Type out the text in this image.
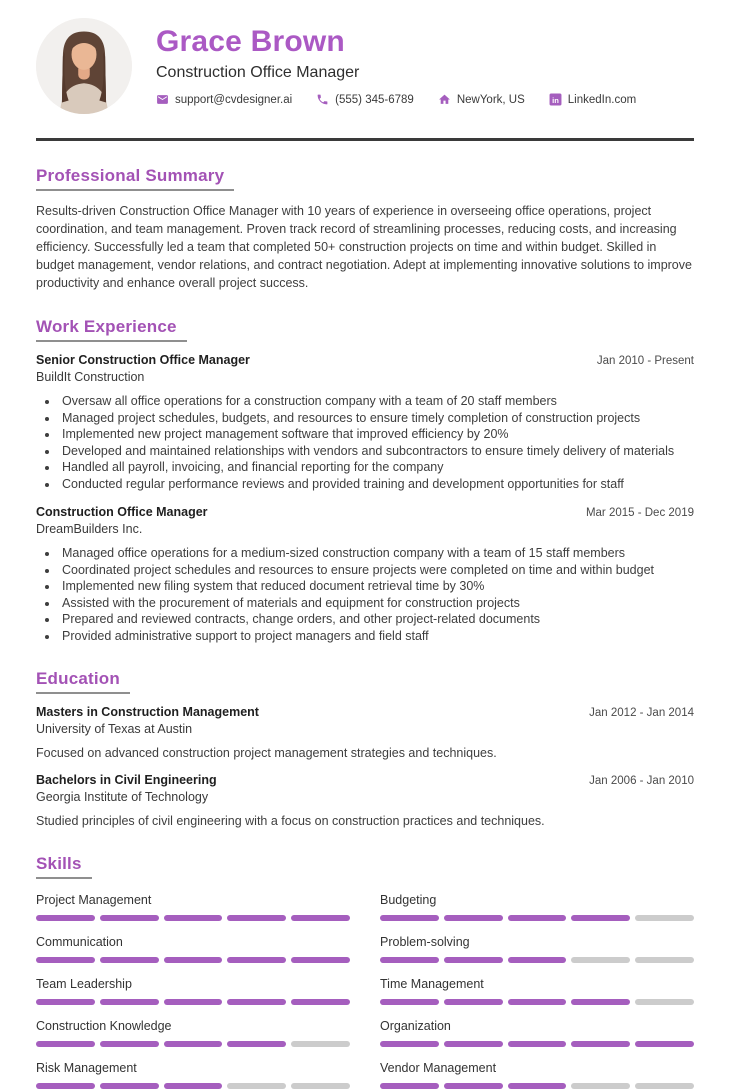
Grace Brown
Construction Office Manager
support@cvdesigner.ai	(555) 345-6789	NewYork, US in LinkedIn.com
Professional Summary

Results-driven Construction Office Manager with 10 years of experience in overseeing office operations, project coordination, and team management. Proven track record of streamlining processes, reducing costs, and increasing efficiency. Successfully led a team that completed 50+ construction projects on time and within budget. Skilled in budget management, vendor relations, and contract negotiation. Adept at implementing innovative solutions to improve productivity and enhance overall project success.

Work Experience
Senior Construction Office Manager	Jan 2010 - Present
BuildIt Construction
• Oversaw all office operations for a construction company with a team of 20 staff members
• Managed project schedules, budgets, and resources to ensure timely completion of construction projects
• Implemented new project management software that improved efficiency by 20%
• Developed and maintained relationships with vendors and subcontractors to ensure timely delivery of materials
• Handled all payroll, invoicing, and financial reporting for the company
• Conducted regular performance reviews and provided training and development opportunities for staff
Construction Office Manager	Mar 2015 - Dec 2019
DreamBuilders Inc.
• Managed office operations for a medium-sized construction company with a team of 15 staff members
• Coordinated project schedules and resources to ensure projects were completed on time and within budget
• Implemented new filing system that reduced document retrieval time by 30%
• Assisted with the procurement of materials and equipment for construction projects
• Prepared and reviewed contracts, change orders, and other project-related documents
• Provided administrative support to project managers and field staff
Education
Masters in Construction Management	Jan 2012 - Jan 2014
University of Texas at Austin
Focused on advanced construction project management strategies and techniques.
Bachelors in Civil Engineering	Jan 2006 - Jan 2010
Georgia Institute of Technology
Studied principles of civil engineering with a focus on construction practices and techniques.
Skills
Project Management	Budgeting
Communication	Problem-solving
Team Leadership	Time Management
Construction Knowledge	Organization
Risk Management	Vendor Management
